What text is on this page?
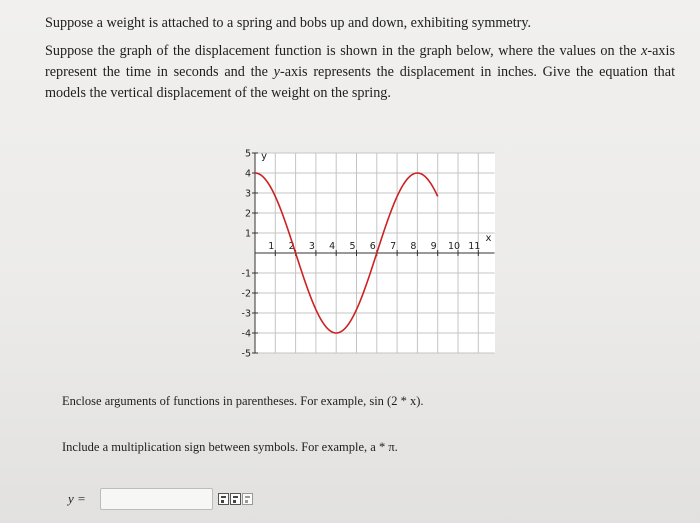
Suppose a weight is attached to a spring and bobs up and down, exhibiting symmetry.

Suppose the graph of the displacement function is shown in the graph below, where the values on the x-axis represent the time in seconds and the y-axis represents the displacement in inches. Give the equation that models the vertical displacement of the weight on the spring.

1 2 3 4 5 6 7 8 9 10 11
5
4
3
2
1
-1
-2
-3
-4
-5
x
y
Enclose arguments of functions in parentheses. For example, sin (2 * x).
Include a multiplication sign between symbols. For example, a * π.
y =
